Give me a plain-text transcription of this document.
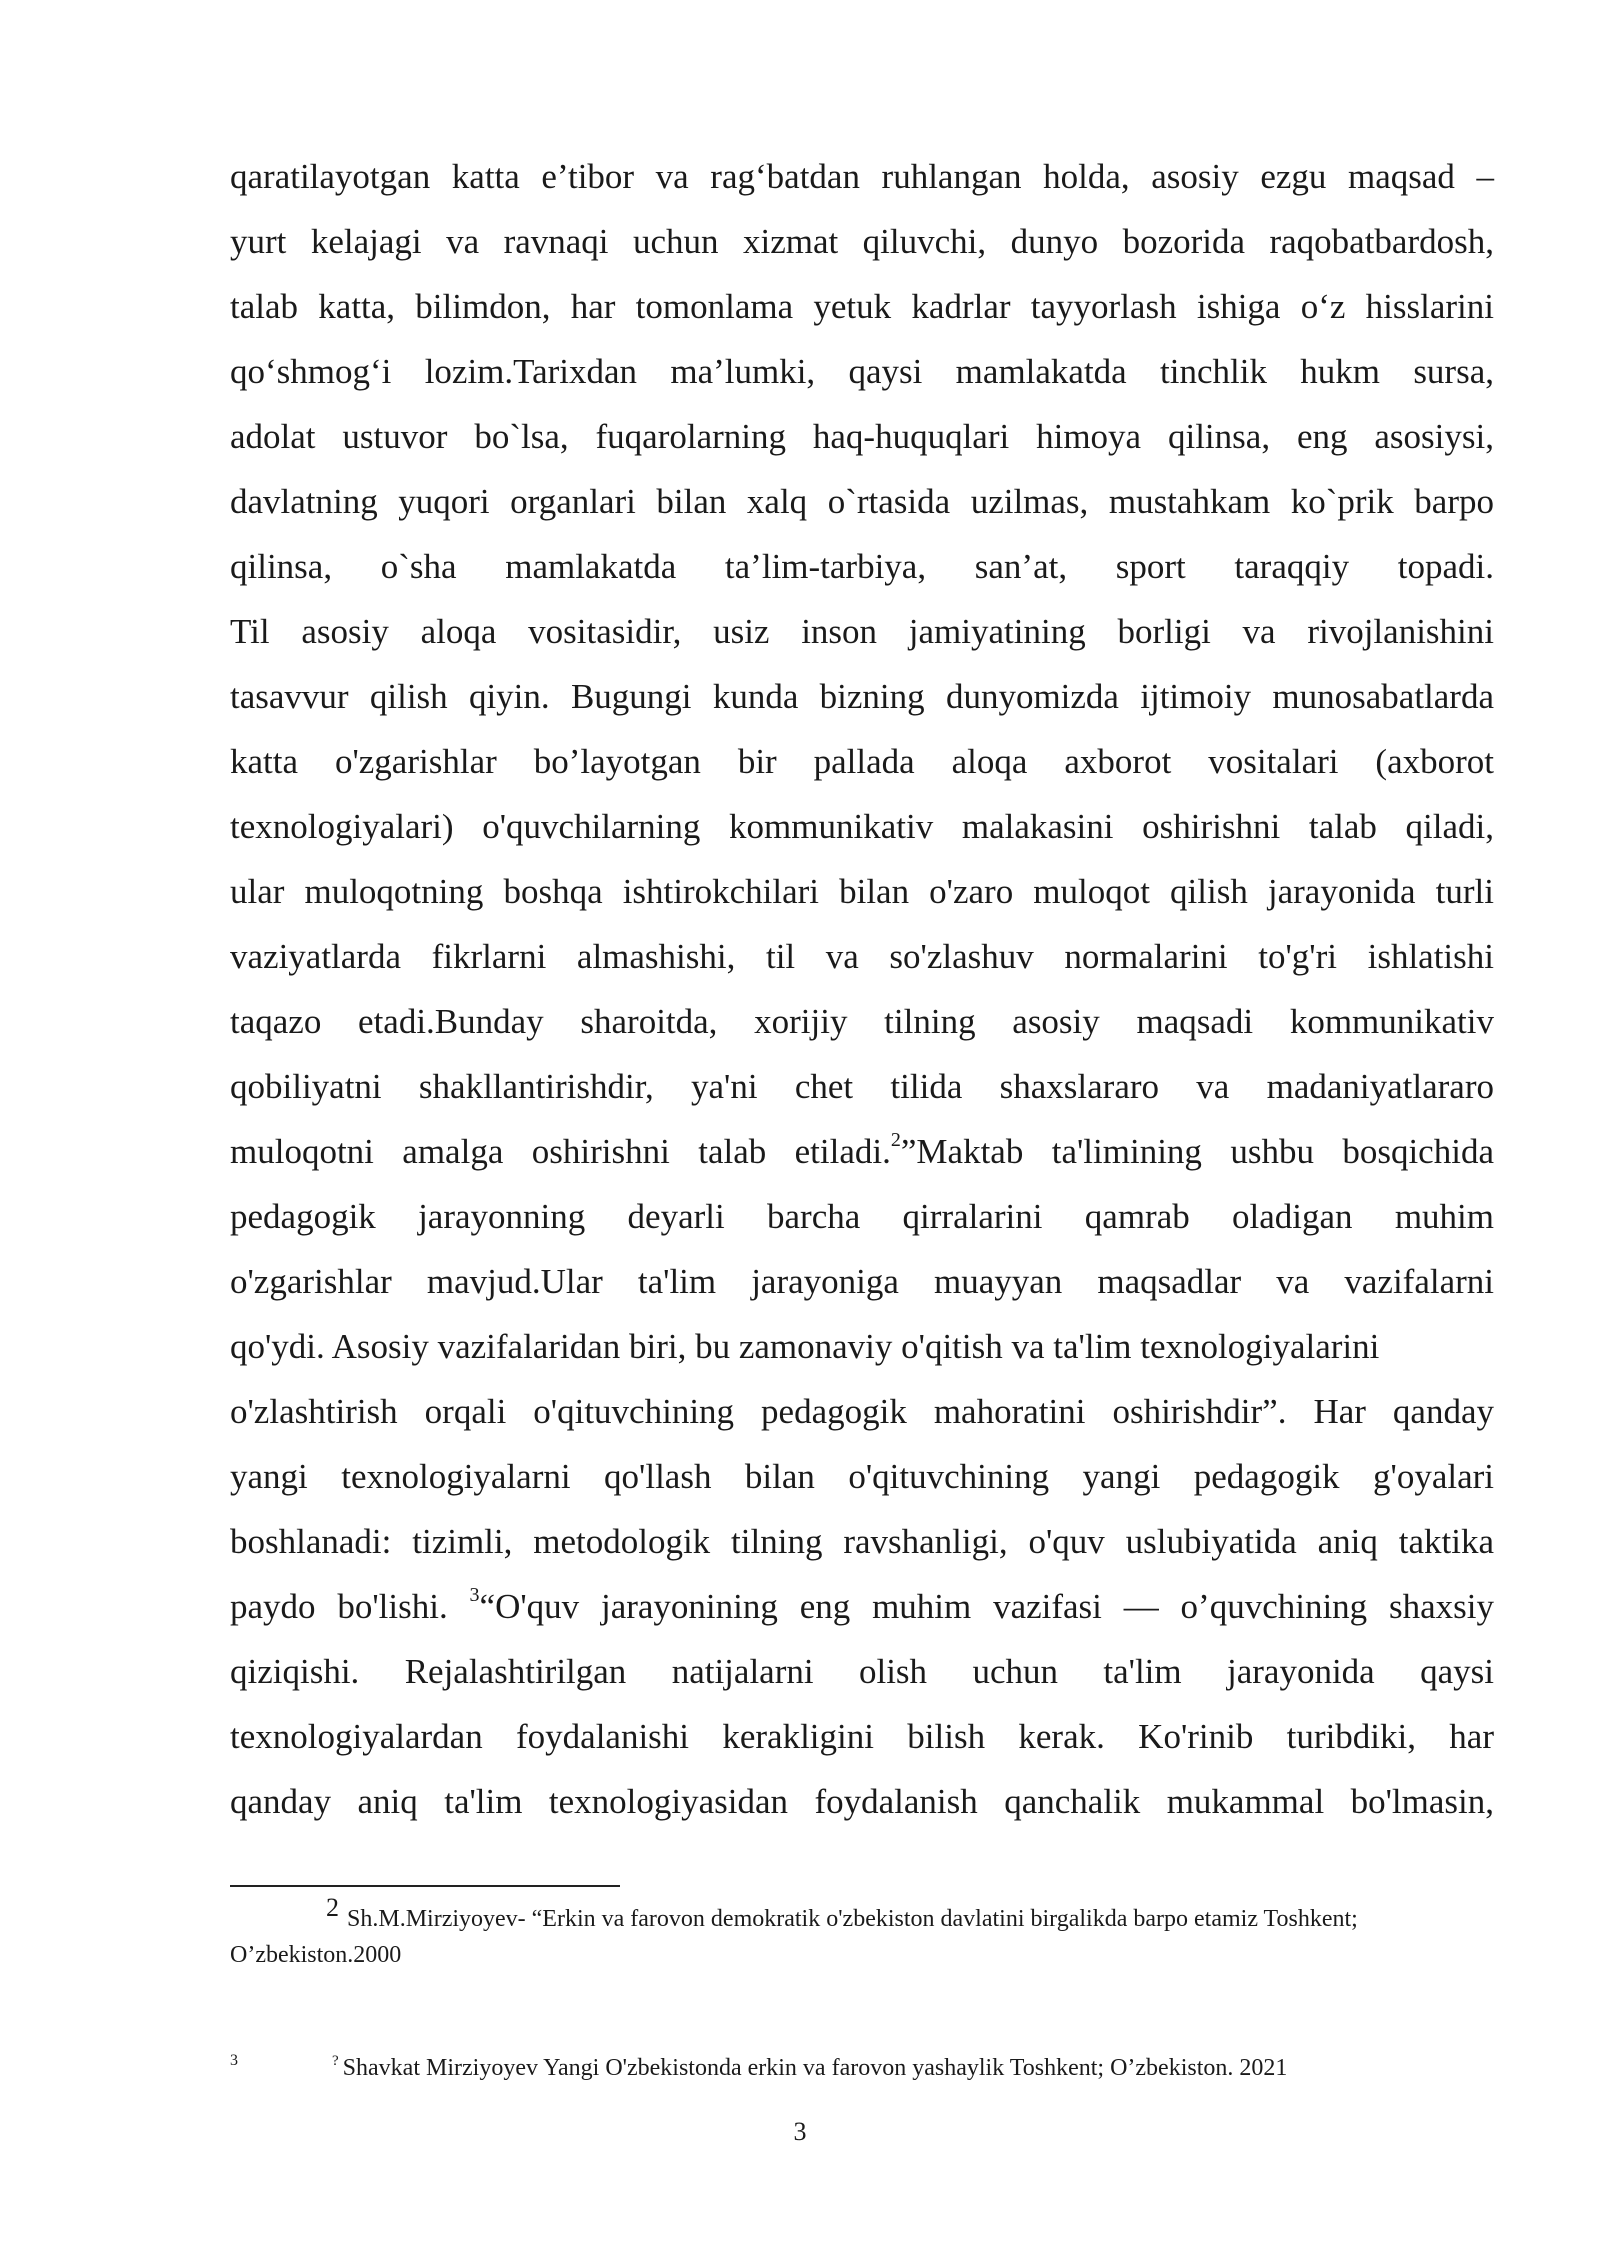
qaratilayotgan katta e’tibor va rag‘batdan ruhlangan holda, asosiy ezgu maqsad –
yurt kelajagi va ravnaqi uchun xizmat qiluvchi, dunyo bozorida raqobatbardosh,
talab katta, bilimdon, har tomonlama yetuk kadrlar tayyorlash ishiga o‘z hisslarini
qo‘shmog‘i lozim.Tarixdan ma’lumki, qaysi mamlakatda tinchlik hukm sursa,
adolat ustuvor bo`lsa, fuqarolarning haq-huquqlari himoya qilinsa, eng asosiysi,
davlatning yuqori organlari bilan xalq o`rtasida uzilmas, mustahkam ko`prik barpo
qilinsa, o`sha mamlakatda ta’lim-tarbiya, san’at, sport taraqqiy topadi.
Til asosiy aloqa vositasidir, usiz inson jamiyatining borligi va rivojlanishini
tasavvur qilish qiyin. Bugungi kunda bizning dunyomizda ijtimoiy munosabatlarda
katta o'zgarishlar bo’layotgan bir pallada aloqa axborot vositalari (axborot
texnologiyalari) o'quvchilarning kommunikativ malakasini oshirishni talab qiladi,
ular muloqotning boshqa ishtirokchilari bilan o'zaro muloqot qilish jarayonida turli
vaziyatlarda fikrlarni almashishi, til va so'zlashuv normalarini to'g'ri ishlatishi
taqazo etadi.Bunday sharoitda, xorijiy tilning asosiy maqsadi kommunikativ
qobiliyatni shakllantirishdir, ya'ni chet tilida shaxslararo va madaniyatlararo
muloqotni amalga oshirishni talab etiladi.$^2$”Maktab ta'limining ushbu bosqichida
pedagogik jarayonning deyarli barcha qirralarini qamrab oladigan muhim
o'zgarishlar mavjud.Ular ta'lim jarayoniga muayyan maqsadlar va vazifalarni
qo'ydi. Asosiy vazifalaridan biri, bu zamonaviy o'qitish va ta'lim texnologiyalarini
o'zlashtirish orqali o'qituvchining pedagogik mahoratini oshirishdir”. Har qanday
yangi texnologiyalarni qo'llash bilan o'qituvchining yangi pedagogik g'oyalari
boshlanadi: tizimli, metodologik tilning ravshanligi, o'quv uslubiyatida aniq taktika
paydo bo'lishi. $^3$“O'quv jarayonining eng muhim vazifasi — o’quvchining shaxsiy
qiziqishi. Rejalashtirilgan natijalarni olish uchun ta'lim jarayonida qaysi
texnologiyalardan foydalanishi kerakligini bilish kerak. Ko'rinib turibdiki, har
qanday aniq ta'lim texnologiyasidan foydalanish qanchalik mukammal bo'lmasin,
2 Sh.M.Mirziyoyev- “Erkin va farovon demokratik o'zbekiston davlatini birgalikda barpo etamiz Toshkent;
O’zbekiston.2000
3	? Shavkat Mirziyoyev Yangi O'zbekistonda erkin va farovon yashaylik Toshkent; O’zbekiston. 2021
3
